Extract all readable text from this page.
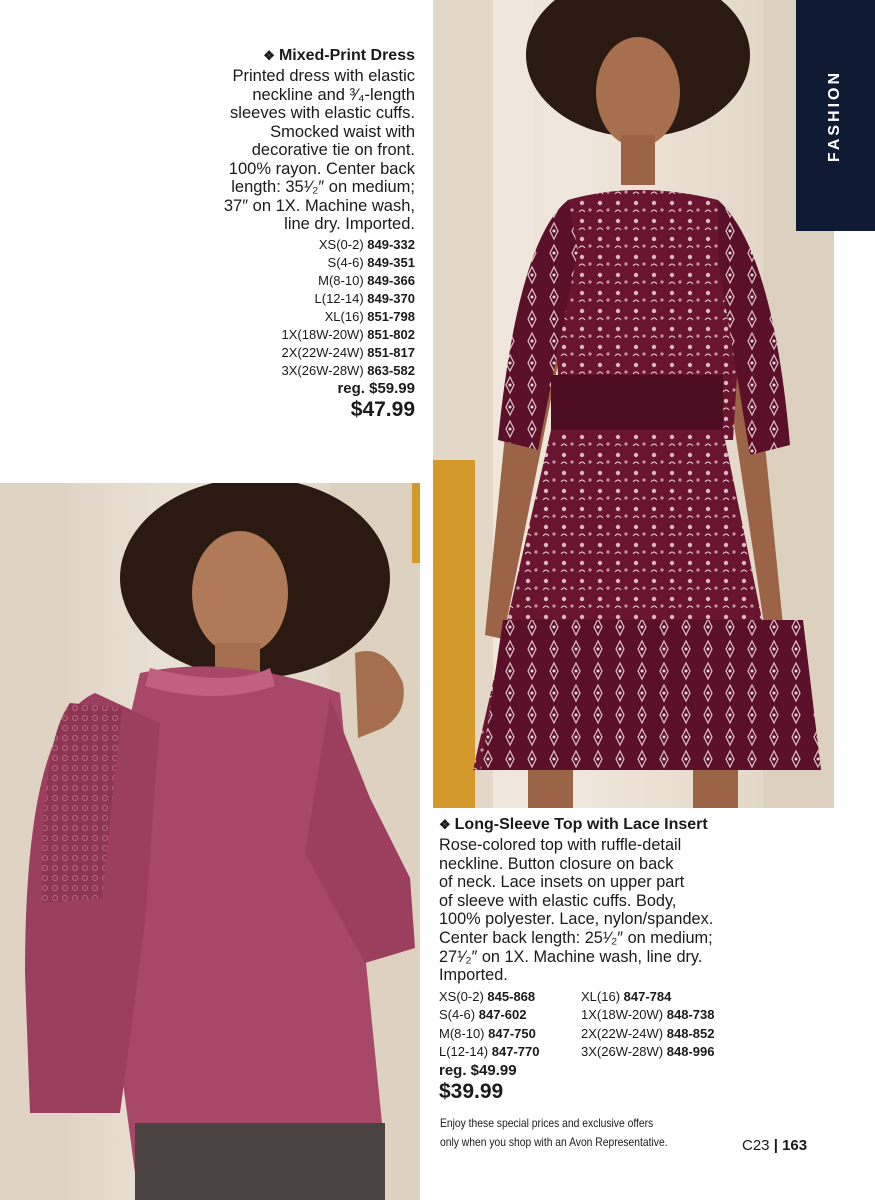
FASHION
❖ Mixed-Print Dress
Printed dress with elastic
neckline and ³⁄₄-length
sleeves with elastic cuffs.
Smocked waist with
decorative tie on front.
100% rayon. Center back
length: 35¹⁄₂″ on medium;
37″ on 1X. Machine wash,
line dry. Imported.
XS(0-2) 849-332
S(4-6) 849-351
M(8-10) 849-366
L(12-14) 849-370
XL(16) 851-798
1X(18W-20W) 851-802
2X(22W-24W) 851-817
3X(26W-28W) 863-582
reg. $59.99
$47.99
❖ Long-Sleeve Top with Lace Insert
Rose-colored top with ruffle-detail
neckline. Button closure on back
of neck. Lace insets on upper part
of sleeve with elastic cuffs. Body,
100% polyester. Lace, nylon/spandex.
Center back length: 25¹⁄₂″ on medium;
27¹⁄₂″ on 1X. Machine wash, line dry.
Imported.
XS(0-2) 845-868	XL(16) 847-784
S(4-6) 847-602	1X(18W-20W) 848-738
M(8-10) 847-750	2X(22W-24W) 848-852
L(12-14) 847-770	3X(26W-28W) 848-996
reg. $49.99
$39.99
Enjoy these special prices and exclusive offers
only when you shop with an Avon Representative.	C23 | 163
